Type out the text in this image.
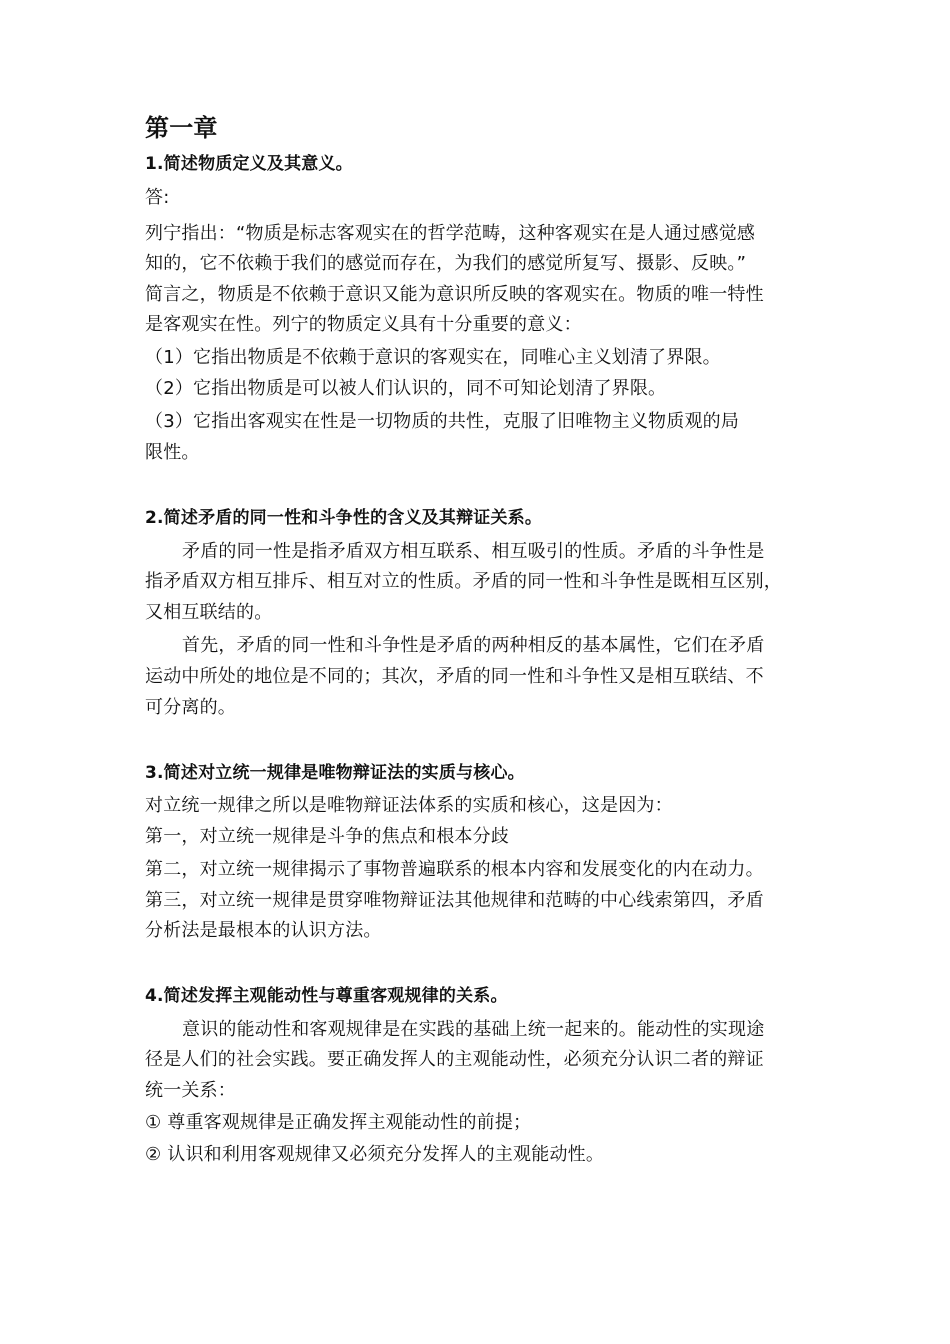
第一章
1.简述物质定义及其意义。
答:
列宁指出：“物质是标志客观实在的哲学范畴，这种客观实在是人通过感觉感
知的，它不依赖于我们的感觉而存在，为我们的感觉所复写、摄影、反映。”
简言之，物质是不依赖于意识又能为意识所反映的客观实在。物质的唯一特性
是客观实在性。列宁的物质定义具有十分重要的意义：
（1）它指出物质是不依赖于意识的客观实在，同唯心主义划清了界限。
（2）它指出物质是可以被人们认识的，同不可知论划清了界限。
（3）它指出客观实在性是一切物质的共性，克服了旧唯物主义物质观的局
限性。
2.简述矛盾的同一性和斗争性的含义及其辩证关系。
矛盾的同一性是指矛盾双方相互联系、相互吸引的性质。矛盾的斗争性是
指矛盾双方相互排斥、相互对立的性质。矛盾的同一性和斗争性是既相互区别，
又相互联结的。
首先，矛盾的同一性和斗争性是矛盾的两种相反的基本属性，它们在矛盾
运动中所处的地位是不同的；其次，矛盾的同一性和斗争性又是相互联结、不
可分离的。
3.简述对立统一规律是唯物辩证法的实质与核心。
对立统一规律之所以是唯物辩证法体系的实质和核心，这是因为：
第一，对立统一规律是斗争的焦点和根本分歧
第二，对立统一规律揭示了事物普遍联系的根本内容和发展变化的内在动力。
第三，对立统一规律是贯穿唯物辩证法其他规律和范畴的中心线索第四，矛盾
分析法是最根本的认识方法。
4.简述发挥主观能动性与尊重客观规律的关系。
意识的能动性和客观规律是在实践的基础上统一起来的。能动性的实现途
径是人们的社会实践。要正确发挥人的主观能动性，必须充分认识二者的辩证
统一关系：
① 尊重客观规律是正确发挥主观能动性的前提；
② 认识和利用客观规律又必须充分发挥人的主观能动性。
